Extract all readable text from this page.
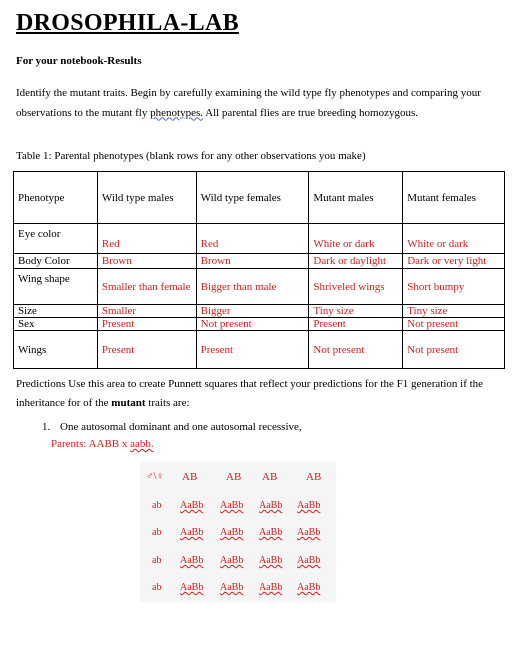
DROSOPHILA-LAB
For your notebook-Results
Identify the mutant traits. Begin by carefully examining the wild type fly phenotypes and comparing your observations to the mutant fly phenotypes. All parental flies are true breeding homozygous.
Table 1: Parental phenotypes (blank rows for any other observations you make)
Phenotype	Wild type males	Wild type females	Mutant males	Mutant females
Eye color	Red	Red	White or dark	White or dark
Body Color	Brown	Brown	Dark or daylight	Dark or very light
Wing shape	Smaller than female	Bigger than male	Shriveled wings	Short bumpy
Size	Smaller	Bigger	Tiny size	Tiny size
Sex	Present	Not present	Present	Not present
Wings	Present	Present	Not present	Not present
Predictions Use this area to create Punnett squares that reflect your predictions for the F1 generation if the inheritance for of the mutant traits are:
1. One autosomal dominant and one autosomal recessive,
Parents: AABB x aabb.
♂\♀ AB	AB AB	AB
ab AaBb AaBb AaBb AaBb
ab AaBb AaBb AaBb AaBb
ab AaBb AaBb AaBb AaBb
ab AaBb AaBb AaBb AaBb
